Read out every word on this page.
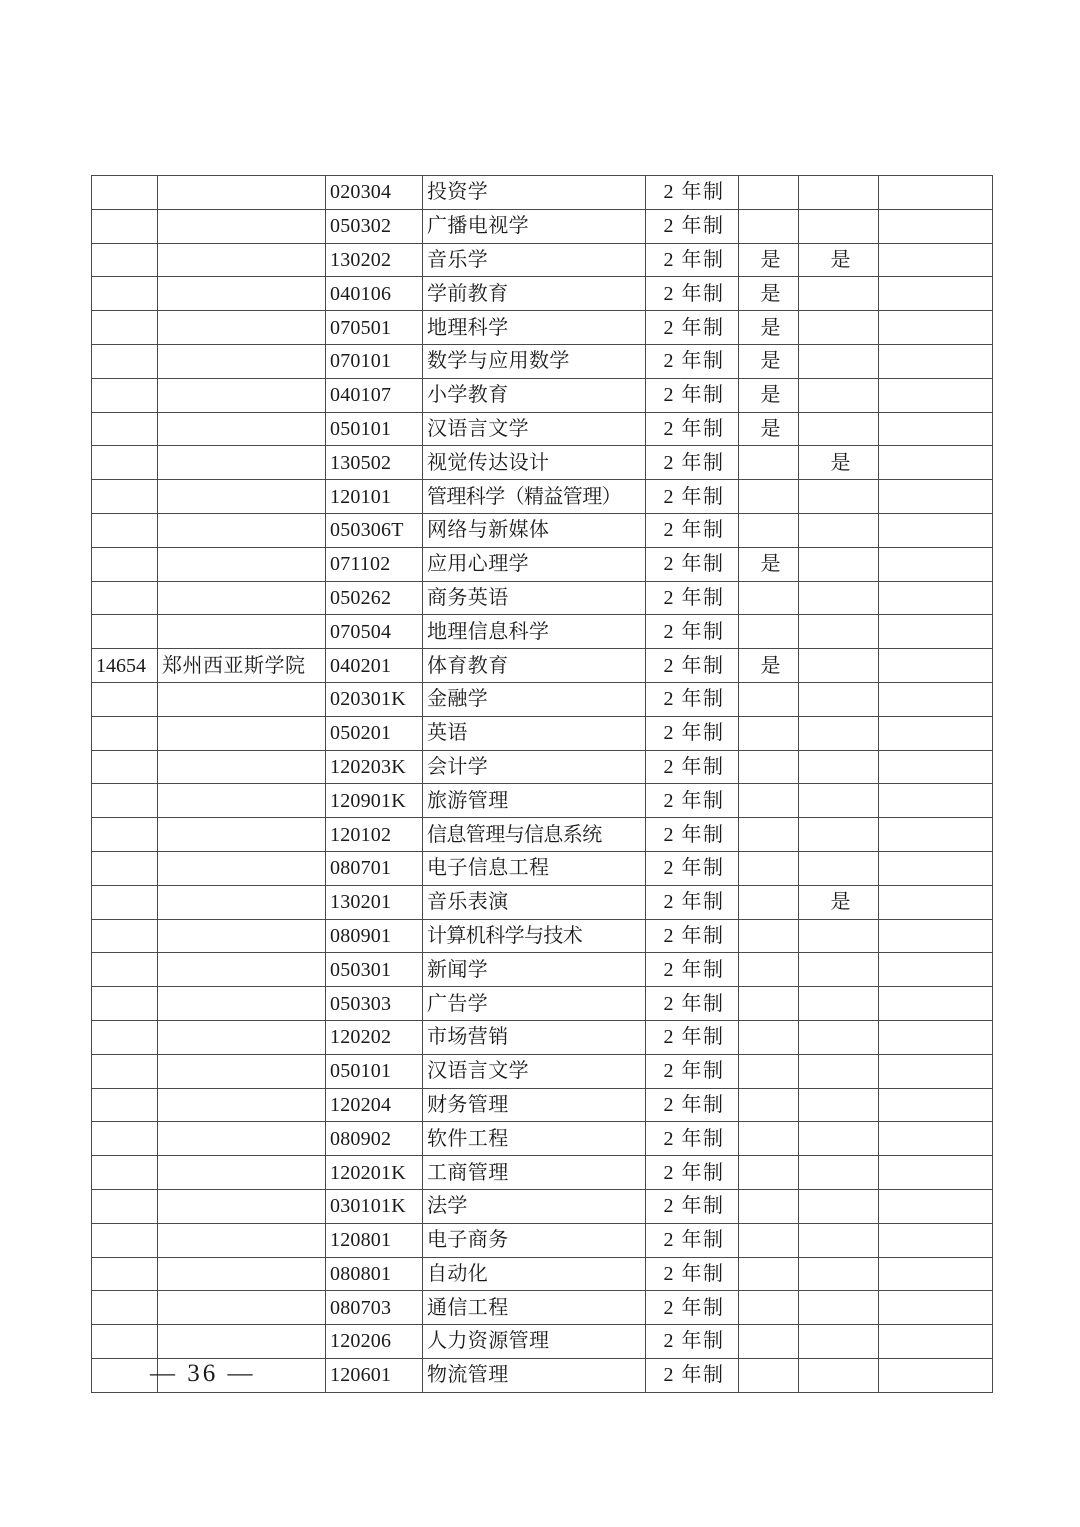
		020304	投资学	2 年制			
		050302	广播电视学	2 年制			
		130202	音乐学	2 年制	是	是	
		040106	学前教育	2 年制	是		
		070501	地理科学	2 年制	是		
		070101	数学与应用数学	2 年制	是		
		040107	小学教育	2 年制	是		
		050101	汉语言文学	2 年制	是		
		130502	视觉传达设计	2 年制		是	
		120101	管理科学（精益管理）	2 年制			
		050306T	网络与新媒体	2 年制			
		071102	应用心理学	2 年制	是		
		050262	商务英语	2 年制			
		070504	地理信息科学	2 年制			
14654	郑州西亚斯学院	040201	体育教育	2 年制	是		
		020301K	金融学	2 年制			
		050201	英语	2 年制			
		120203K	会计学	2 年制			
		120901K	旅游管理	2 年制			
		120102	信息管理与信息系统	2 年制			
		080701	电子信息工程	2 年制			
		130201	音乐表演	2 年制		是	
		080901	计算机科学与技术	2 年制			
		050301	新闻学	2 年制			
		050303	广告学	2 年制			
		120202	市场营销	2 年制			
		050101	汉语言文学	2 年制			
		120204	财务管理	2 年制			
		080902	软件工程	2 年制			
		120201K	工商管理	2 年制			
		030101K	法学	2 年制			
		120801	电子商务	2 年制			
		080801	自动化	2 年制			
		080703	通信工程	2 年制			
		120206	人力资源管理	2 年制			
		120601	物流管理	2 年制			
— 36 —
